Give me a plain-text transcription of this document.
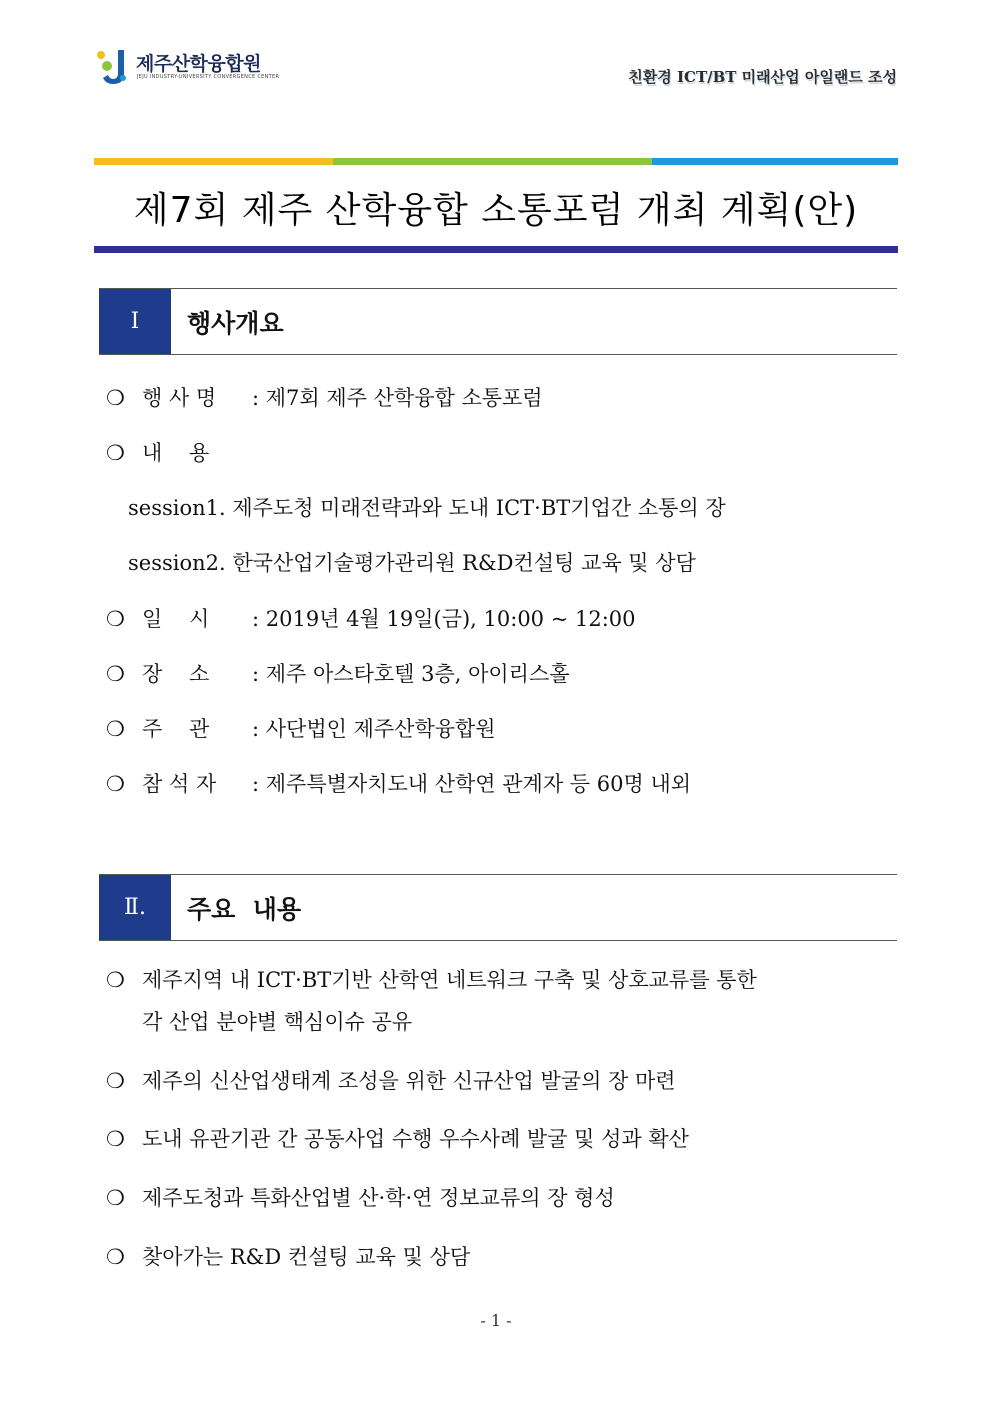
제주산학융합원
JEJU INDUSTRY-UNIVERSITY CONVERGENCE CENTER	친환경 ICT/BT 미래산업 아일랜드 조성
제7회 제주 산학융합 소통포럼 개최 계획(안)
Ⅰ	행사개요
❍ 행 사 명 : 제7회 제주 산학융합 소통포럼
❍ 내    용
session1. 제주도청 미래전략과와 도내 ICT·BT기업간 소통의 장
session2. 한국산업기술평가관리원 R&D컨설팅 교육 및 상담
❍ 일    시 : 2019년 4월 19일(금), 10:00 ~ 12:00
❍ 장    소 : 제주 아스타호텔 3층, 아이리스홀
❍ 주    관 : 사단법인 제주산학융합원
❍ 참 석 자 : 제주특별자치도내 산학연 관계자 등 60명 내외
Ⅱ.	주요  내용
❍ 제주지역 내 ICT·BT기반 산학연 네트워크 구축 및 상호교류를 통한
각 산업 분야별 핵심이슈 공유
❍ 제주의 신산업생태계 조성을 위한 신규산업 발굴의 장 마련
❍ 도내 유관기관 간 공동사업 수행 우수사례 발굴 및 성과 확산
❍ 제주도청과 특화산업별 산·학·연 정보교류의 장 형성
❍ 찾아가는 R&D 컨설팅 교육 및 상담
- 1 -
